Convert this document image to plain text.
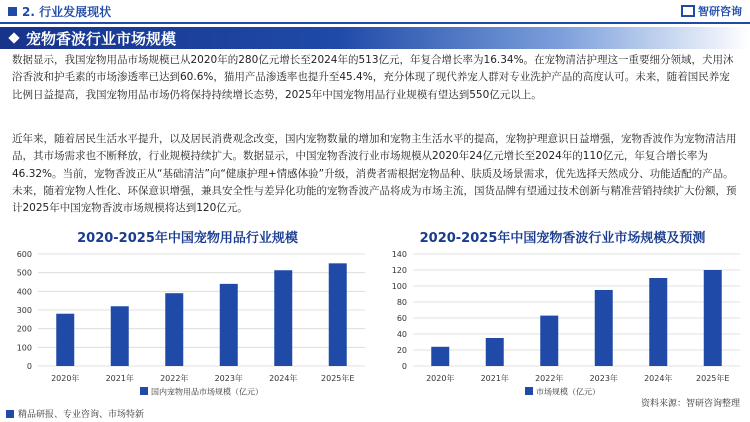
2. 行业发展现状	智研咨询
宠物香波行业市场规模
数据显示，我国宠物用品市场规模已从2020年的280亿元增长至2024年的513亿元，年复合增长率为16.34%。在宠物清洁护理这一重要细分领域，犬用沐浴香波和护毛素的市场渗透率已达到60.6%，猫用产品渗透率也提升至45.4%，充分体现了现代养宠人群对专业洗护产品的高度认可。未来，随着国民养宠比例日益提高，我国宠物用品市场仍将保持持续增长态势，2025年中国宠物用品行业规模有望达到550亿元以上。
近年来，随着居民生活水平提升，以及居民消费观念改变，国内宠物数量的增加和宠物主生活水平的提高，宠物护理意识日益增强，宠物香波作为宠物清洁用品，其市场需求也不断释放，行业规模持续扩大。数据显示，中国宠物香波行业市场规模从2020年24亿元增长至2024年的110亿元，年复合增长率为46.32%。当前，宠物香波正从“基础清洁”向“健康护理+情感体验”升级，消费者需根据宠物品种、肤质及场景需求，优先选择天然成分、功能适配的产品。未来，随着宠物人性化、环保意识增强，兼具安全性与差异化功能的宠物香波产品将成为市场主流，国货品牌有望通过技术创新与精准营销持续扩大份额，预计2025年中国宠物香波市场规模将达到120亿元。
2020-2025年中国宠物用品行业规模	2020-2025年中国宠物香波行业市场规模及预测
0
100
200
300
400
500
600
2020年	2021年	2022年	2023年	2024年	2025年E
国内宠物用品市场规模（亿元）
0
20
40
60
80
100
120
140
2020年	2021年	2022年	2023年	2024年	2025年E
市场规模（亿元）
资料来源：智研咨询整理
精品研报、专业咨询、市场特新
